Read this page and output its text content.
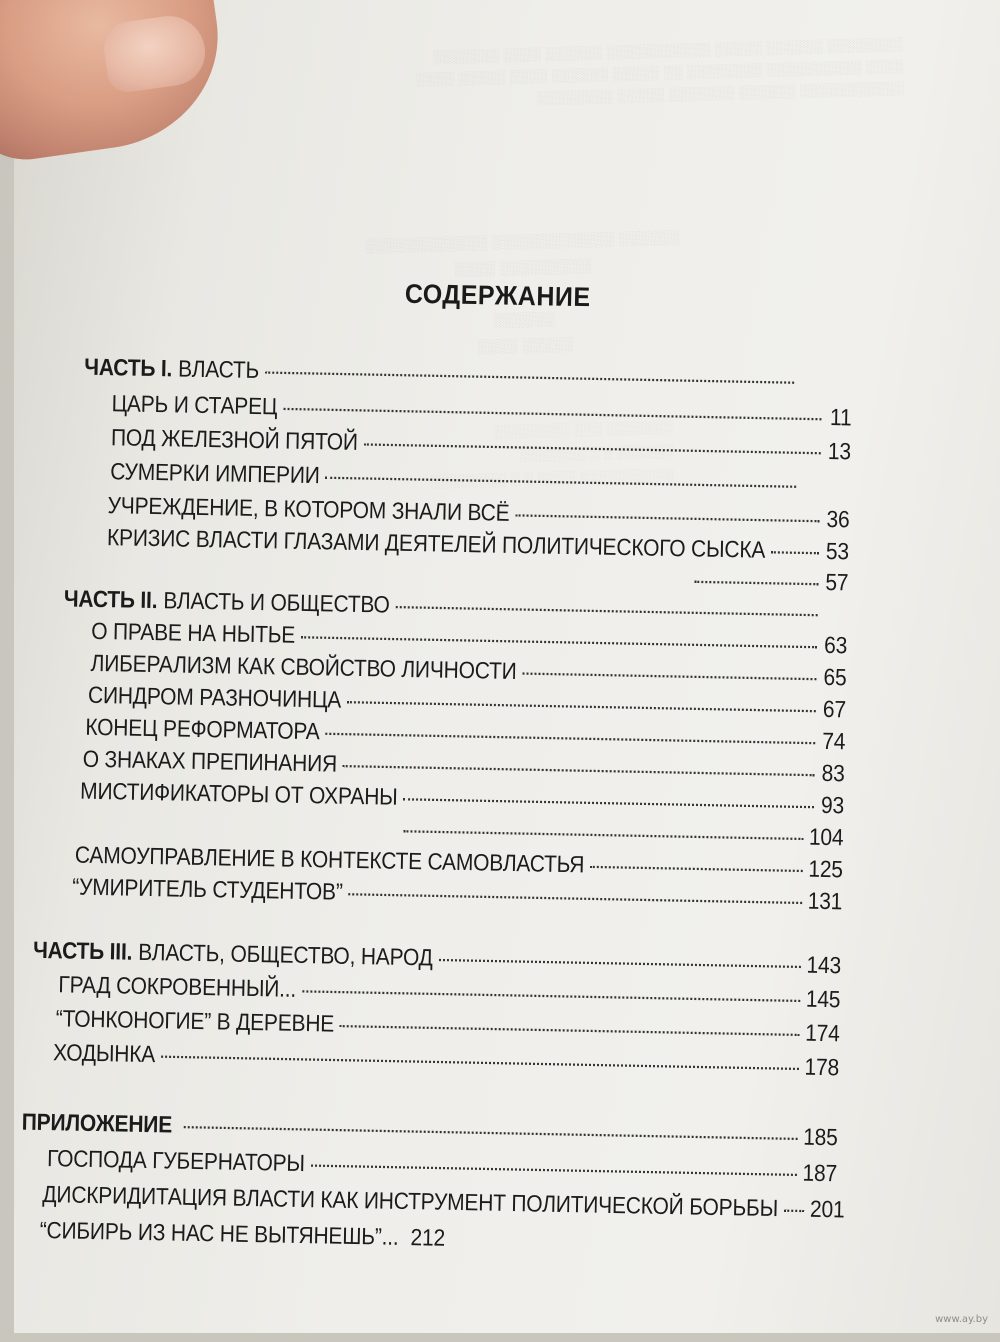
░░░░░░░░ ░░░░░░ ░░░░░ ░░░░░░░░░░░ ░░░░░░ ░░░░ ░░░░░░░
░░░░ ░░░░░░░░░░ ░░░░░░░░ ░░ ░░░░░ ░░░░░░ ░░░░ ░░░░░ ░░░░
░░░░░░░░░░░ ░░░░░░ ░░░░░░░ ░░░░░ ░░░░░░░░
░░░░░░ ░░░░░░░░░░░░ ░░░░░░░░░░░░
░░░░░░░░░ ░░░░

░░░░░░
░░░░░ ░░░░
░░░░░░░ ░░░ ░░░░░░░░
░░░░░░ ░ ░ ░░░░░░░
░░░░░░░░░░ ░░░░ ░ ░ ░░░░░░░░
СОДЕРЖАНИЕ
ЧАСТЬ I. ВЛАСТЬ
ЦАРЬ И СТАРЕЦ	11
ПОД ЖЕЛЕЗНОЙ ПЯТОЙ	13
СУМЕРКИ ИМПЕРИИ
УЧРЕЖДЕНИЕ, В КОТОРОМ ЗНАЛИ ВСЁ	36
КРИЗИС ВЛАСТИ ГЛАЗАМИ ДЕЯТЕЛЕЙ ПОЛИТИЧЕСКОГО СЫСКА	53
57
ЧАСТЬ II. ВЛАСТЬ И ОБЩЕСТВО
О ПРАВЕ НА НЫТЬЕ	63
ЛИБЕРАЛИЗМ КАК СВОЙСТВО ЛИЧНОСТИ	65
СИНДРОМ РАЗНОЧИНЦА	67
КОНЕЦ РЕФОРМАТОРА	74
О ЗНАКАХ ПРЕПИНАНИЯ	83
МИСТИФИКАТОРЫ ОТ ОХРАНЫ	93
104
САМОУПРАВЛЕНИЕ В КОНТЕКСТЕ САМОВЛАСТЬЯ	125
“УМИРИТЕЛЬ СТУДЕНТОВ”	131
ЧАСТЬ III. ВЛАСТЬ, ОБЩЕСТВО, НАРОД	143
ГРАД СОКРОВЕННЫЙ...	145
“ТОНКОНОГИЕ” В ДЕРЕВНЕ	174
ХОДЫНКА	178
ПРИЛОЖЕНИЕ	185
ГОСПОДА ГУБЕРНАТОРЫ	187
ДИСКРИДИТАЦИЯ ВЛАСТИ КАК ИНСТРУМЕНТ ПОЛИТИЧЕСКОЙ БОРЬБЫ 201
“СИБИРЬ ИЗ НАС НЕ ВЫТЯНЕШЬ”... 212
www.ay.by
